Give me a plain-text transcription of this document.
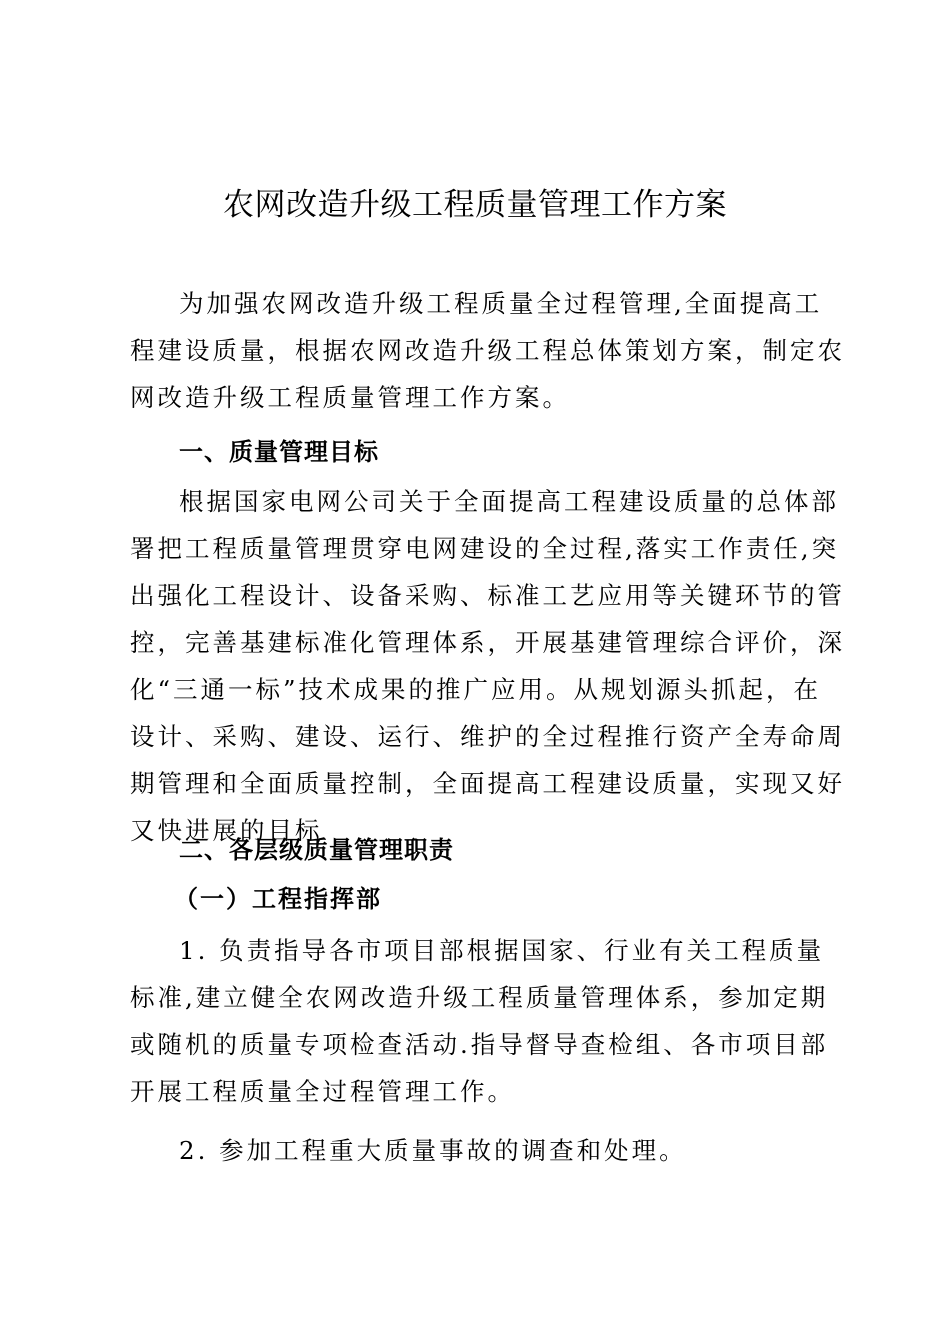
农网改造升级工程质量管理工作方案

为加强农网改造升级工程质量全过程管理,全面提高工程建设质量，根据农网改造升级工程总体策划方案，制定农网改造升级工程质量管理工作方案。

一、质量管理目标

根据国家电网公司关于全面提高工程建设质量的总体部署把工程质量管理贯穿电网建设的全过程,落实工作责任,突出强化工程设计、设备采购、标准工艺应用等关键环节的管控，完善基建标准化管理体系，开展基建管理综合评价，深化“三通一标”技术成果的推广应用。从规划源头抓起，在设计、采购、建设、运行、维护的全过程推行资产全寿命周期管理和全面质量控制，全面提高工程建设质量，实现又好又快进展的目标

二、各层级质量管理职责
（一）工程指挥部

1. 负责指导各市项目部根据国家、行业有关工程质量标准,建立健全农网改造升级工程质量管理体系，参加定期或随机的质量专项检查活动.指导督导查检组、各市项目部开展工程质量全过程管理工作。

2. 参加工程重大质量事故的调查和处理。
